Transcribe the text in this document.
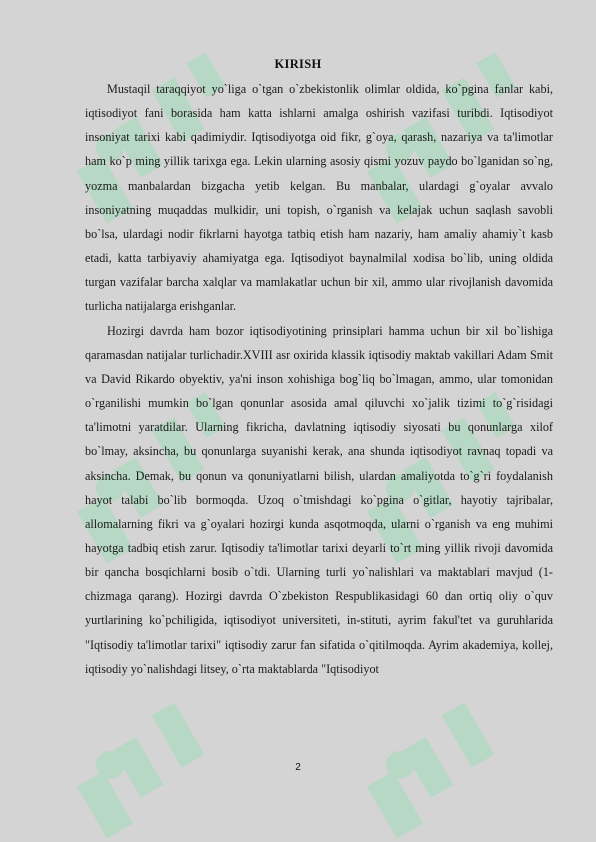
KIRISH

Mustaqil taraqqiyot yo`liga o`tgan o`zbekistonlik olimlar oldida, ko`pgina fanlar kabi, iqtisodiyot fani borasida ham katta ishlarni amalga oshirish vazifasi turibdi. Iqtisodiyot insoniyat tarixi kabi qadimiydir. Iqtisodiyotga oid fikr, g`oya, qarash, nazariya va ta'limotlar ham ko`p ming yillik tarixga ega. Lekin ularning asosiy qismi yozuv paydo bo`lganidan so`ng, yozma manbalardan bizgacha yetib kelgan. Bu manbalar, ulardagi g`oyalar avvalo insoniyatning muqaddas mulkidir, uni topish, o`rganish va kelajak uchun saqlash savobli bo`lsa, ulardagi nodir fikrlarni hayotga tatbiq etish ham nazariy, ham amaliy ahamiy`t kasb etadi, katta tarbiyaviy ahamiyatga ega. Iqtisodiyot baynalmilal xodisa bo`lib, uning oldida turgan vazifalar barcha xalqlar va mamlakatlar uchun bir xil, ammo ular rivojlanish davomida turlicha natijalarga erishganlar.

Hozirgi davrda ham bozor iqtisodiyotining prinsiplari hamma uchun bir xil bo`lishiga qaramasdan natijalar turlichadir.XVIII asr oxirida klassik iqtisodiy maktab vakillari Adam Smit va David Rikardo obyektiv, ya'ni inson xohishiga bog`liq bo`lmagan, ammo, ular tomonidan o`rganilishi mumkin bo`lgan qonunlar asosida amal qiluvchi xo`jalik tizimi to`g`risidagi ta'limotni yaratdilar. Ularning fikricha, davlatning iqtisodiy siyosati bu qonunlarga xilof bo`lmay, aksincha, bu qonunlarga suyanishi kerak, ana shunda iqtisodiyot ravnaq topadi va aksincha. Demak, bu qonun va qonuniyatlarni bilish, ulardan amaliyotda to`g`ri foydalanish hayot talabi bo`lib bormoqda. Uzoq o`tmishdagi ko`pgina o`gitlar, hayotiy tajribalar, allomalarning fikri va g`oyalari hozirgi kunda asqotmoqda, ularni o`rganish va eng muhimi hayotga tadbiq etish zarur. Iqtisodiy ta'limotlar tarixi deyarli to`rt ming yillik rivoji davomida bir qancha bosqichlarni bosib o`tdi. Ularning turli yo`nalishlari va maktablari mavjud (1-chizmaga qarang). Hozirgi davrda O`zbekiston Respublikasidagi 60 dan ortiq oliy o`quv yurtlarining ko`pchiligida, iqtisodiyot universiteti, in-stituti, ayrim fakul'tet va guruhlarida "Iqtisodiy ta'limotlar tarixi" iqtisodiy zarur fan sifatida o`qitilmoqda. Ayrim akademiya, kollej, iqtisodiy yo`nalishdagi litsey, o`rta maktablarda "Iqtisodiyot

2
